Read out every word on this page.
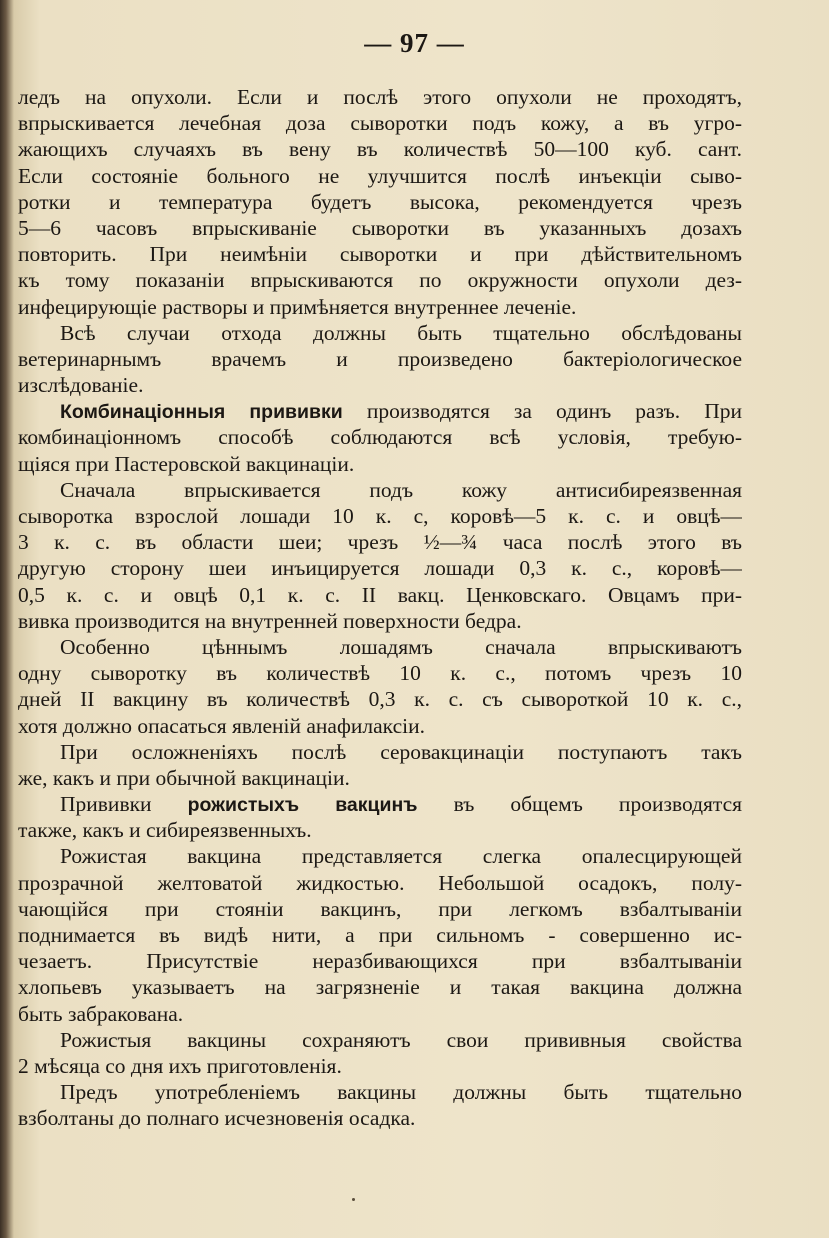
— 97 —
ледъ на опухоли. Если и послѣ этого опухоли не проходятъ,
впрыскивается лечебная доза сыворотки подъ кожу, а въ угро-
жающихъ случаяхъ въ вену въ количествѣ 50—100 куб. сант.
Если состоянiе больного не улучшится послѣ инъекцiи сыво-
ротки и температура будетъ высока, рекомендуется чрезъ
5—6 часовъ впрыскиванiе сыворотки въ указанныхъ дозахъ
повторить. При неимѣнiи сыворотки и при дѣйствительномъ
къ тому показанiи впрыскиваются по окружности опухоли дез-
инфецирующiе растворы и примѣняется внутреннее леченiе.
Всѣ случаи отхода должны быть тщательно обслѣдованы
ветеринарнымъ врачемъ и произведено бактерiологическое
изслѣдованiе.
Комбинацiонныя прививки производятся за одинъ разъ. При
комбинацiонномъ способѣ соблюдаются всѣ условiя, требую-
щiяся при Пастеровской вакцинацiи.
Сначала впрыскивается подъ кожу антисибиреязвенная
сыворотка взрослой лошади 10 к. с, коровѣ—5 к. с. и овцѣ—
3 к. с. въ области шеи; чрезъ ½—¾ часа послѣ этого въ
другую сторону шеи инъицируется лошади 0,3 к. с., коровѣ—
0,5 к. с. и овцѣ 0,1 к. с. II вакц. Ценковскаго. Овцамъ при-
вивка производится на внутренней поверхности бедра.
Особенно цѣннымъ лошадямъ сначала впрыскиваютъ
одну сыворотку въ количествѣ 10 к. с., потомъ чрезъ 10
дней II вакцину въ количествѣ 0,3 к. с. съ сывороткой 10 к. с.,
хотя должно опасаться явленiй анафилаксiи.
При осложненiяхъ послѣ серовакцинацiи поступаютъ такъ
же, какъ и при обычной вакцинацiи.
Прививки рожистыхъ вакцинъ въ общемъ производятся
также, какъ и сибиреязвенныхъ.
Рожистая вакцина представляется слегка опалесцирующей
прозрачной желтоватой жидкостью. Небольшой осадокъ, полу-
чающiйся при стоянiи вакцинъ, при легкомъ взбалтыванiи
поднимается въ видѣ нити, а при сильномъ - совершенно ис-
чезаетъ. Присутствiе неразбивающихся при взбалтыванiи
хлопьевъ указываетъ на загрязненiе и такая вакцина должна
быть забракована.
Рожистыя вакцины сохраняютъ свои прививныя свойства
2 мѣсяца со дня ихъ приготовленiя.
Предъ употребленiемъ вакцины должны быть тщательно
взболтаны до полнаго исчезновенiя осадка.
